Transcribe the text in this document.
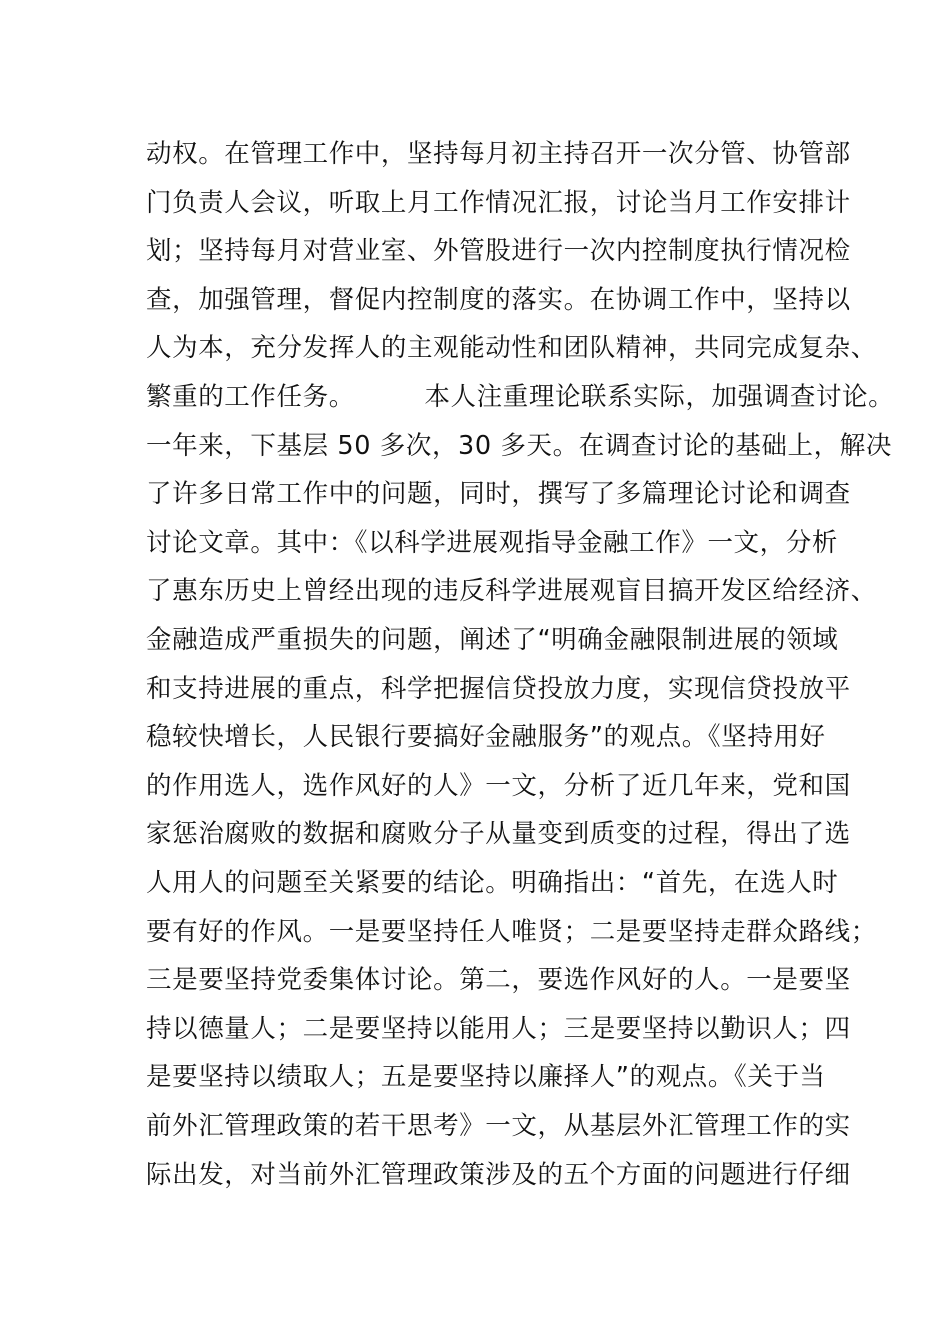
动权。在管理工作中，坚持每月初主持召开一次分管、协管部
门负责人会议，听取上月工作情况汇报，讨论当月工作安排计
划；坚持每月对营业室、外管股进行一次内控制度执行情况检
查，加强管理，督促内控制度的落实。在协调工作中，坚持以
人为本，充分发挥人的主观能动性和团队精神，共同完成复杂、
繁重的工作任务。        本人注重理论联系实际，加强调查讨论。
一年来，下基层 50 多次，30 多天。在调查讨论的基础上，解决
了许多日常工作中的问题，同时，撰写了多篇理论讨论和调查
讨论文章。其中：《以科学进展观指导金融工作》一文，分析
了惠东历史上曾经出现的违反科学进展观盲目搞开发区给经济、
金融造成严重损失的问题，阐述了“明确金融限制进展的领域
和支持进展的重点，科学把握信贷投放力度，实现信贷投放平
稳较快增长，人民银行要搞好金融服务”的观点。《坚持用好
的作用选人，选作风好的人》一文，分析了近几年来，党和国
家惩治腐败的数据和腐败分子从量变到质变的过程，得出了选
人用人的问题至关紧要的结论。明确指出：“首先，在选人时
要有好的作风。一是要坚持任人唯贤；二是要坚持走群众路线；
三是要坚持党委集体讨论。第二，要选作风好的人。一是要坚
持以德量人；二是要坚持以能用人；三是要坚持以勤识人；四
是要坚持以绩取人；五是要坚持以廉择人”的观点。《关于当
前外汇管理政策的若干思考》一文，从基层外汇管理工作的实
际出发，对当前外汇管理政策涉及的五个方面的问题进行仔细
